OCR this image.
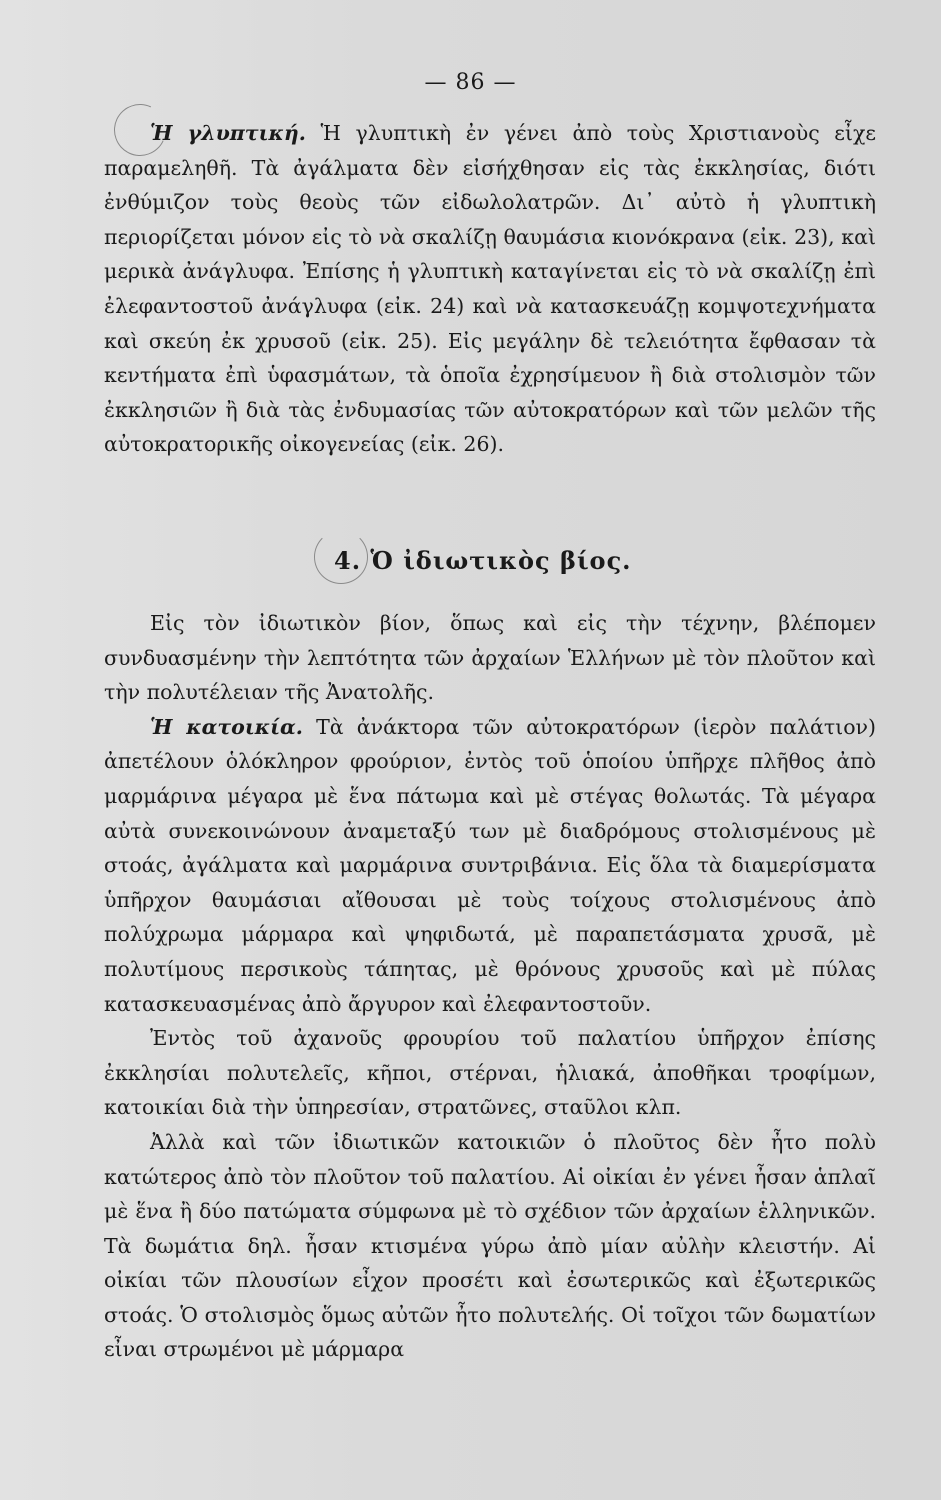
— 86 —

Ἡ γλυπτική. Ἡ γλυπτικὴ ἐν γένει ἀπὸ τοὺς Χριστιανοὺς εἶχε παραμεληθῆ. Τὰ ἀγάλματα δὲν εἰσήχθησαν εἰς τὰς ἐκκλησίας, διότι ἐνθύμιζον τοὺς θεοὺς τῶν εἰδωλολατρῶν. Δι᾽ αὐτὸ ἡ γλυπτικὴ περιορίζεται μόνον εἰς τὸ νὰ σκαλίζῃ θαυμάσια κιονόκρανα (εἰκ. 23), καὶ μερικὰ ἀνάγλυφα. Ἐπίσης ἡ γλυπτικὴ καταγίνεται εἰς τὸ νὰ σκαλίζῃ ἐπὶ ἐλεφαντοστοῦ ἀνάγλυφα (εἰκ. 24) καὶ νὰ κατασκευάζῃ κομψοτεχνήματα καὶ σκεύη ἐκ χρυσοῦ (εἰκ. 25). Εἰς μεγάλην δὲ τελειότητα ἔφθασαν τὰ κεντήματα ἐπὶ ὑφασμάτων, τὰ ὁποῖα ἐχρησίμευον ἢ διὰ στολισμὸν τῶν ἐκκλησιῶν ἢ διὰ τὰς ἐνδυμασίας τῶν αὐτοκρατόρων καὶ τῶν μελῶν τῆς αὐτοκρατορικῆς οἰκογενείας (εἰκ. 26).

4. Ὁ ἰδιωτικὸς βίος.

Εἰς τὸν ἰδιωτικὸν βίον, ὅπως καὶ εἰς τὴν τέχνην, βλέπομεν συνδυασμένην τὴν λεπτότητα τῶν ἀρχαίων Ἑλλήνων μὲ τὸν πλοῦτον καὶ τὴν πολυτέλειαν τῆς Ἀνατολῆς.

Ἡ κατοικία. Τὰ ἀνάκτορα τῶν αὐτοκρατόρων (ἱερὸν παλάτιον) ἀπετέλουν ὁλόκληρον φρούριον, ἐντὸς τοῦ ὁποίου ὑπῆρχε πλῆθος ἀπὸ μαρμάρινα μέγαρα μὲ ἕνα πάτωμα καὶ μὲ στέγας θολωτάς. Τὰ μέγαρα αὐτὰ συνεκοινώνουν ἀναμεταξύ των μὲ διαδρόμους στολισμένους μὲ στοάς, ἀγάλματα καὶ μαρμάρινα συντριβάνια. Εἰς ὅλα τὰ διαμερίσματα ὑπῆρχον θαυμάσιαι αἴθουσαι μὲ τοὺς τοίχους στολισμένους ἀπὸ πολύχρωμα μάρμαρα καὶ ψηφιδωτά, μὲ παραπετάσματα χρυσᾶ, μὲ πολυτίμους περσικοὺς τάπητας, μὲ θρόνους χρυσοῦς καὶ μὲ πύλας κατασκευασμένας ἀπὸ ἄργυρον καὶ ἐλεφαντοστοῦν.

Ἐντὸς τοῦ ἀχανοῦς φρουρίου τοῦ παλατίου ὑπῆρχον ἐπίσης ἐκκλησίαι πολυτελεῖς, κῆποι, στέρναι, ἡλιακά, ἀποθῆκαι τροφίμων, κατοικίαι διὰ τὴν ὑπηρεσίαν, στρατῶνες, σταῦλοι κλπ.

Ἀλλὰ καὶ τῶν ἰδιωτικῶν κατοικιῶν ὁ πλοῦτος δὲν ἦτο πολὺ κατώτερος ἀπὸ τὸν πλοῦτον τοῦ παλατίου. Αἱ οἰκίαι ἐν γένει ἦσαν ἁπλαῖ μὲ ἕνα ἢ δύο πατώματα σύμφωνα μὲ τὸ σχέδιον τῶν ἀρχαίων ἑλληνικῶν. Τὰ δωμάτια δηλ. ἦσαν κτισμένα γύρω ἀπὸ μίαν αὐλὴν κλειστήν. Αἱ οἰκίαι τῶν πλουσίων εἶχον προσέτι καὶ ἐσωτερικῶς καὶ ἐξωτερικῶς στοάς. Ὁ στολισμὸς ὅμως αὐτῶν ἦτο πολυτελής. Οἱ τοῖχοι τῶν δωματίων εἶναι στρωμένοι μὲ μάρμαρα
